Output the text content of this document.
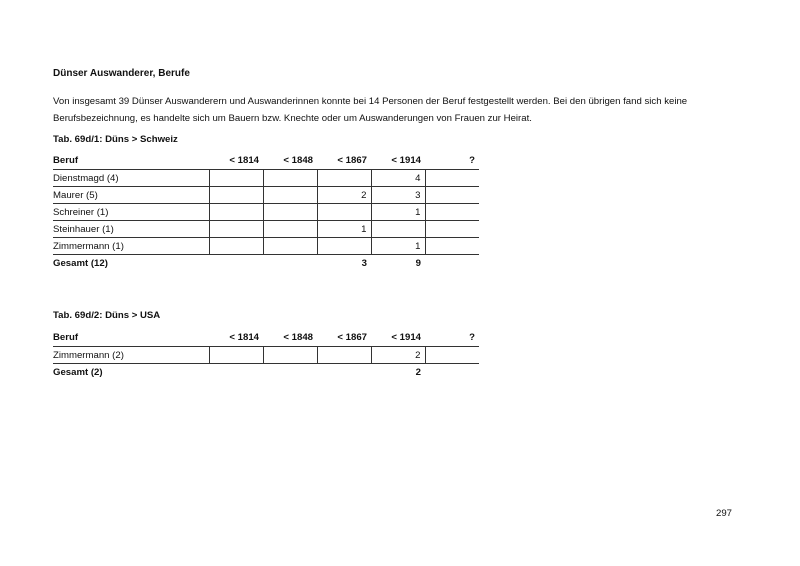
Dünser Auswanderer, Berufe
Von insgesamt 39 Dünser Auswanderern und Auswanderinnen konnte bei 14 Personen der Beruf festgestellt werden. Bei den übrigen fand sich keine
Berufsbezeichnung, es handelte sich um Bauern bzw. Knechte oder um Auswanderungen von Frauen zur Heirat.
Tab. 69d/1: Düns > Schweiz
Beruf	< 1814	< 1848	< 1867	< 1914	?
Dienstmagd (4)				4	
Maurer (5)			2	3	
Schreiner (1)				1	
Steinhauer (1)			1		
Zimmermann (1)				1	
Gesamt (12)			3	9	
Tab. 69d/2: Düns > USA
Beruf	< 1814	< 1848	< 1867	< 1914	?
Zimmermann (2)				2	
Gesamt (2)				2	
297
